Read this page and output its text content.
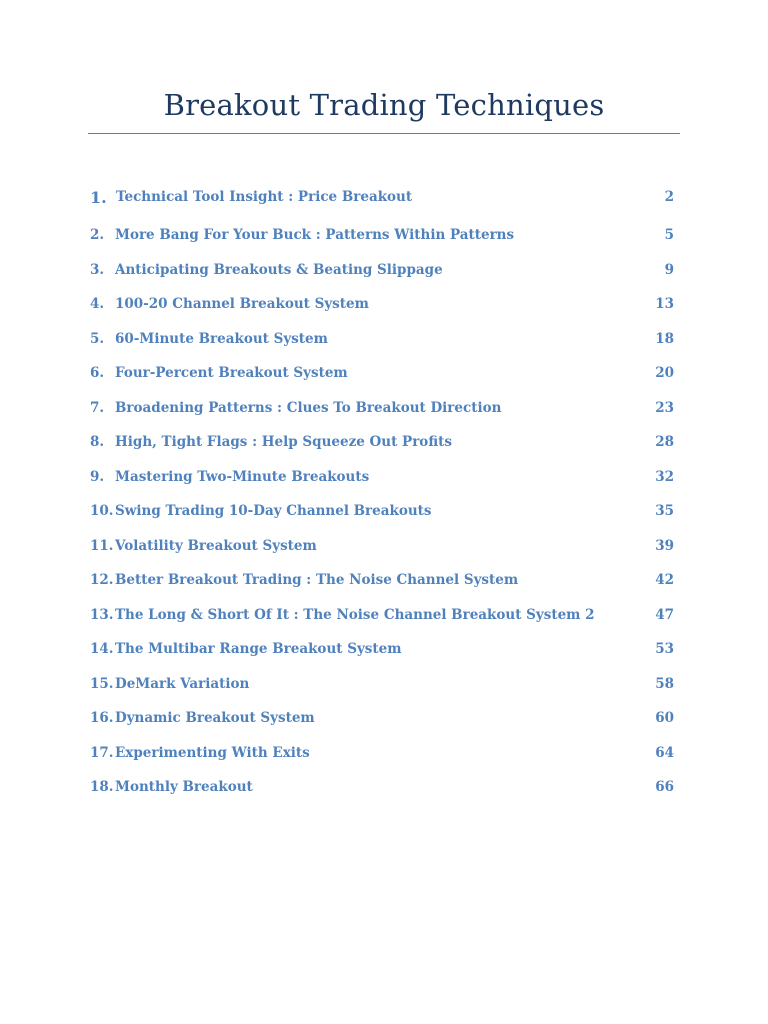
Breakout Trading Techniques
1. Technical Tool Insight : Price Breakout	2
2. More Bang For Your Buck : Patterns Within Patterns	5
3. Anticipating Breakouts & Beating Slippage	9
4. 100-20 Channel Breakout System	13
5. 60-Minute Breakout System	18
6. Four-Percent Breakout System	20
7. Broadening Patterns : Clues To Breakout Direction	23
8. High, Tight Flags : Help Squeeze Out Profits	28
9. Mastering Two-Minute Breakouts	32
10. Swing Trading 10-Day Channel Breakouts	35
11. Volatility Breakout System	39
12. Better Breakout Trading : The Noise Channel System	42
13. The Long & Short Of It : The Noise Channel Breakout System 2	47
14. The Multibar Range Breakout System	53
15. DeMark Variation	58
16. Dynamic Breakout System	60
17. Experimenting With Exits	64
18. Monthly Breakout	66
